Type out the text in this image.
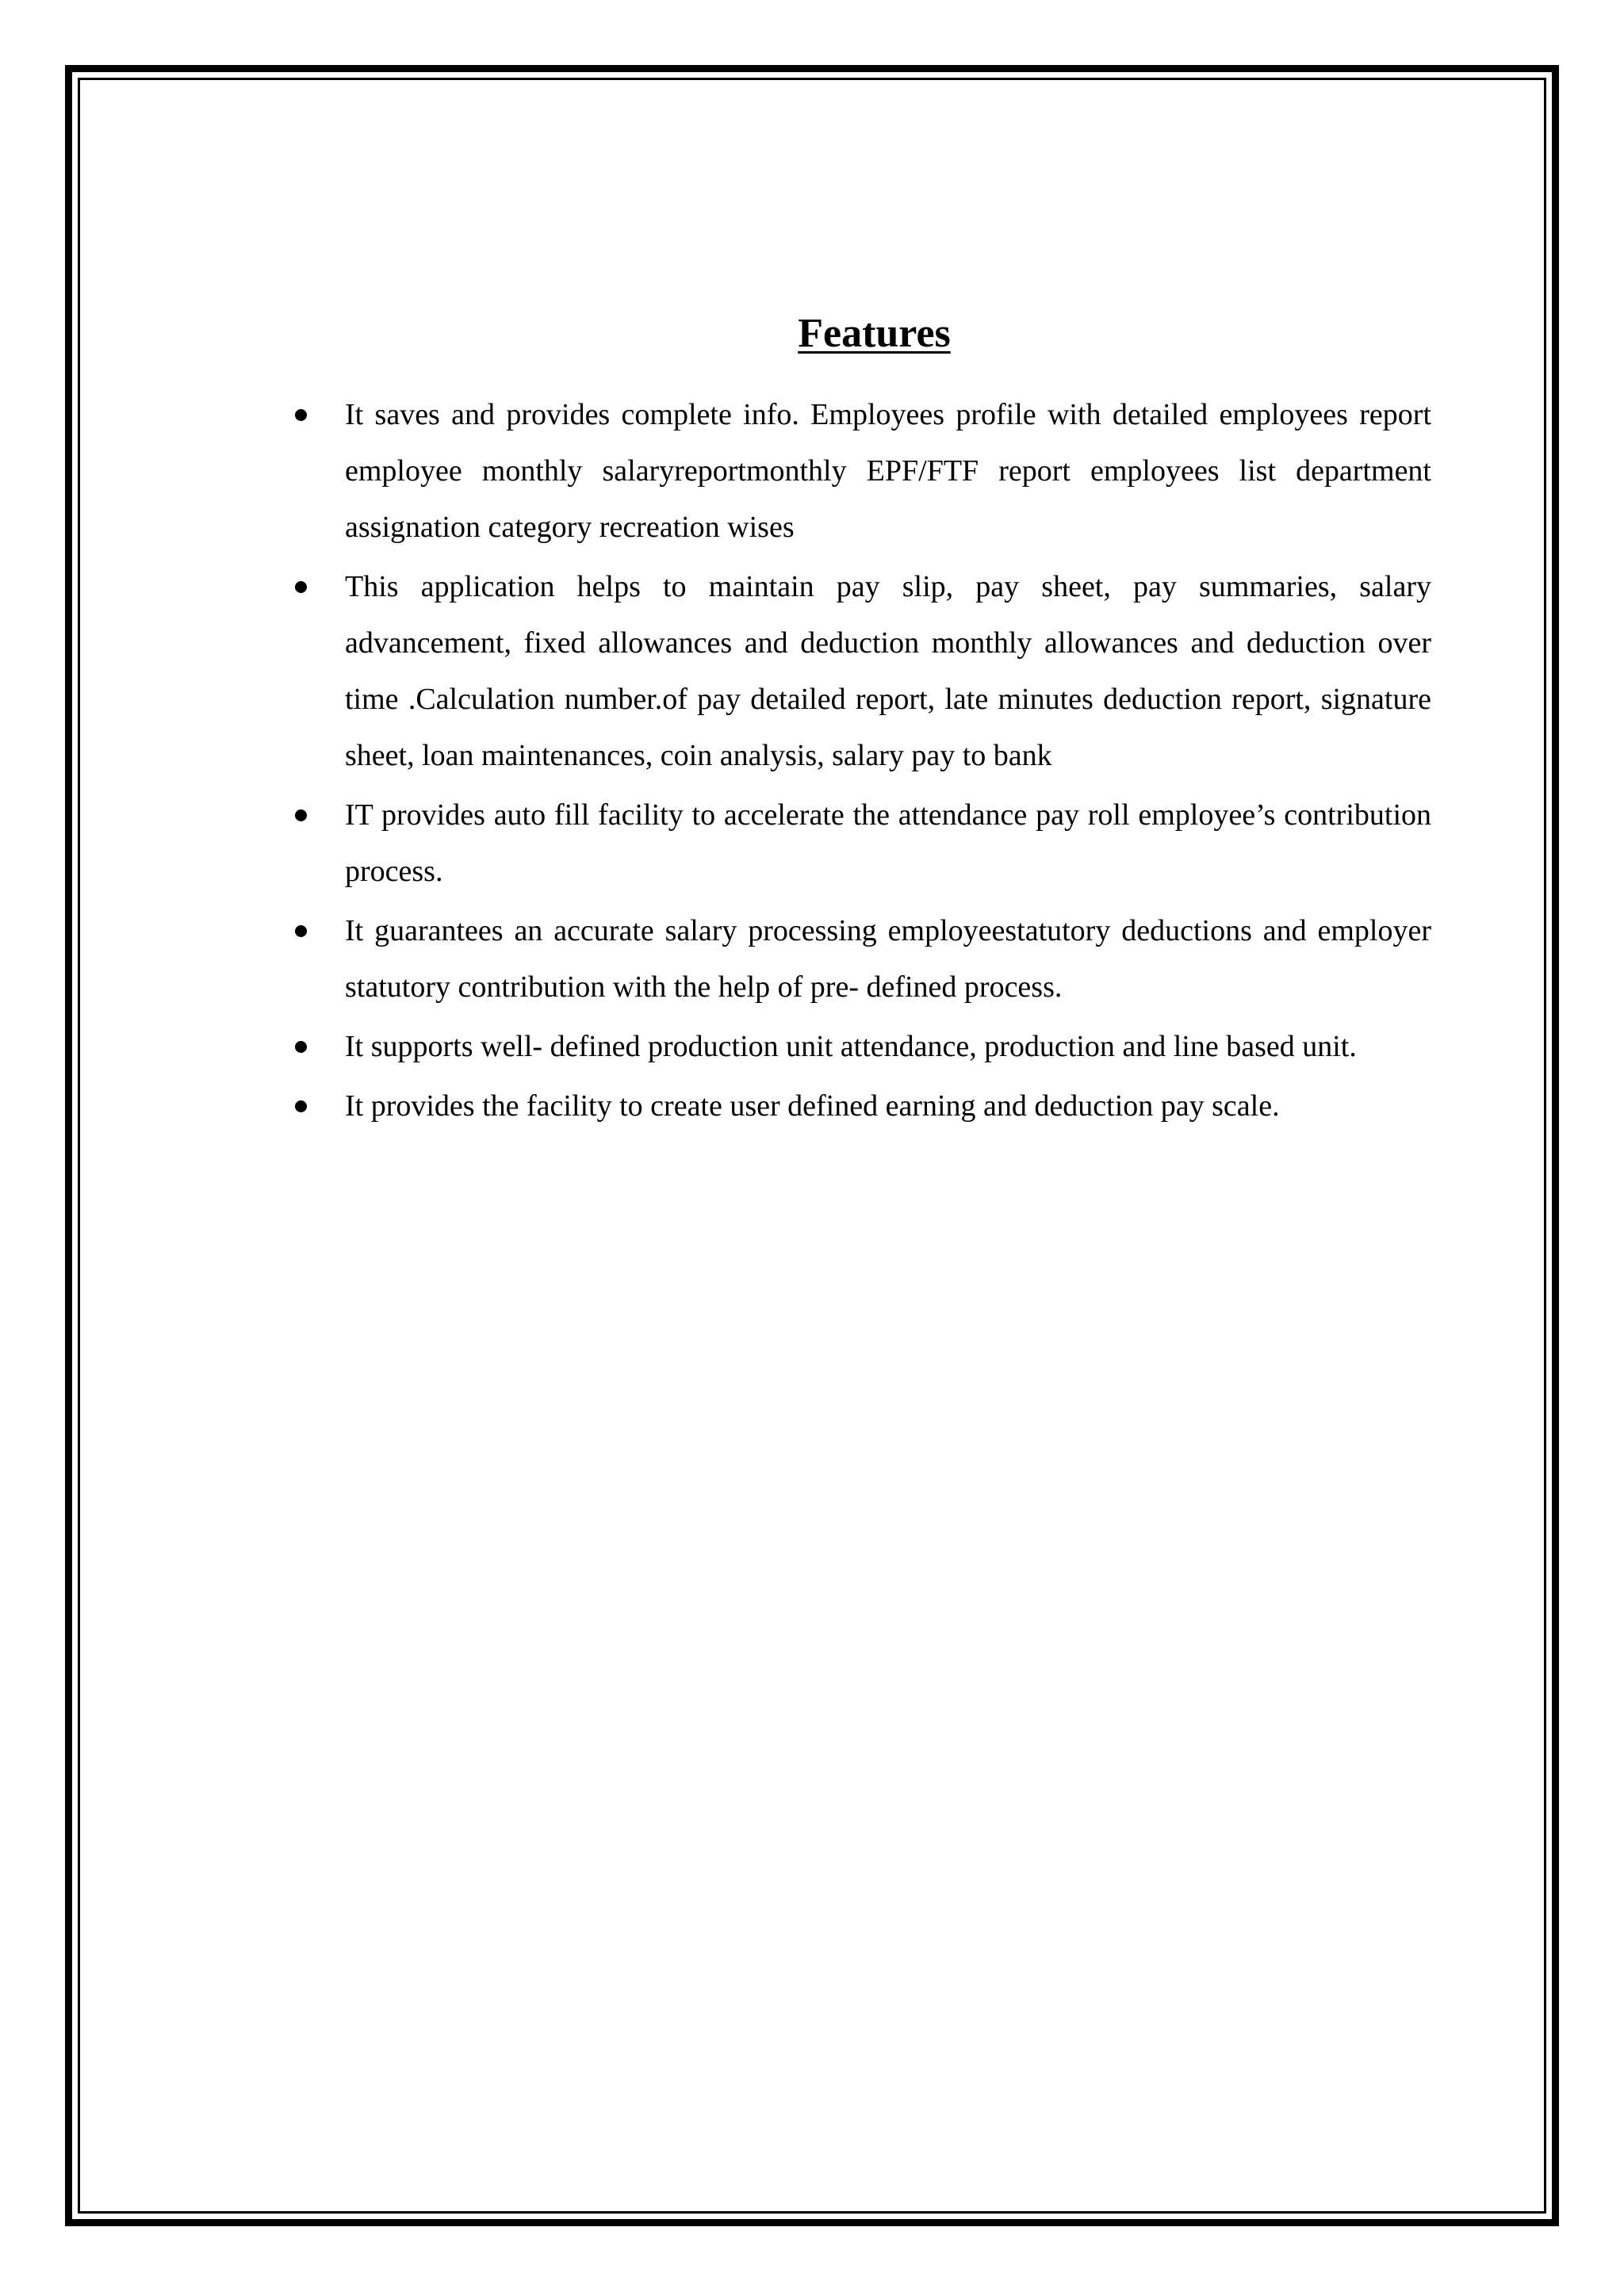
Features
It saves and provides complete info. Employees profile with detailed employees report employee monthly salaryreportmonthly EPF/FTF report employees list department assignation category recreation wises
This application helps to maintain pay slip, pay sheet, pay summaries, salary advancement, fixed allowances and deduction monthly allowances and deduction over time .Calculation number.of pay detailed report, late minutes deduction report, signature sheet, loan maintenances, coin analysis, salary pay to bank
IT provides auto fill facility to accelerate the attendance pay roll employee’s contribution process.
It guarantees an accurate salary processing employeestatutory deductions and employer statutory contribution with the help of pre- defined process.
It supports well- defined production unit attendance, production and line based unit.
It provides the facility to create user defined earning and deduction pay scale.
